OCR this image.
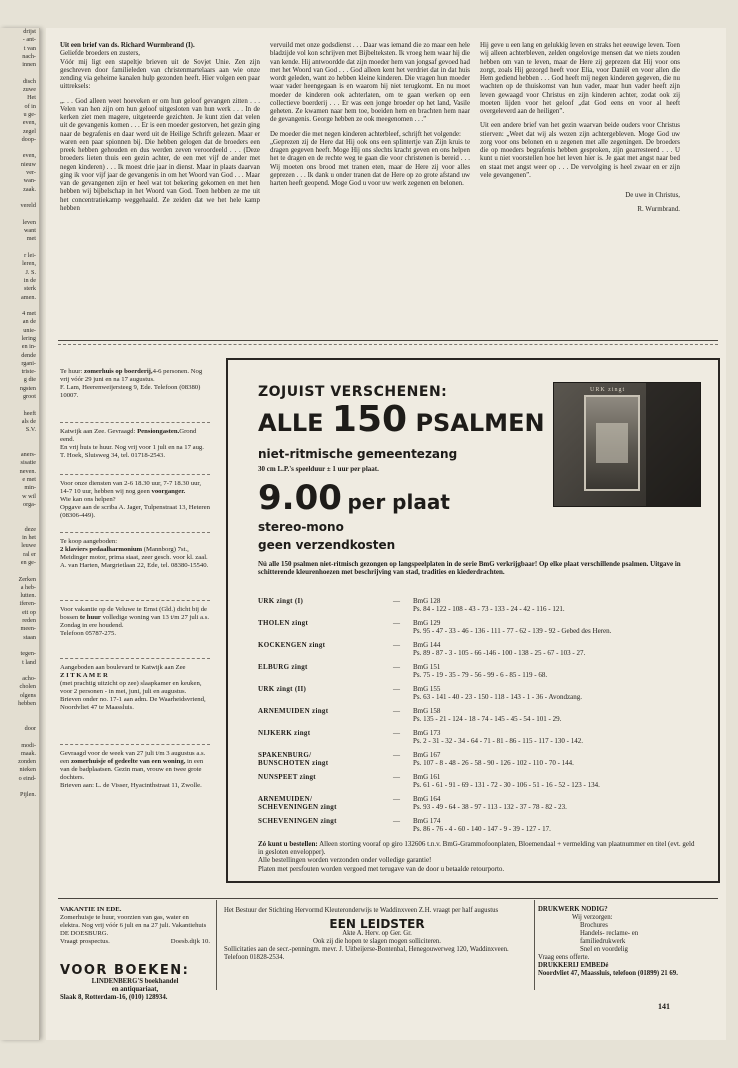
drijst

- ant-

t van

nach-

innen

disch

zuwe

Het

of in

u ge-

even,

zegel

doop-

even,

nieuw

ver-

wan-

zaak.

vereld

leven

want

met

r lei-

leren,

J. S.

in de

sterk

amen.

4 met

an de

unie-

lering

en in-

dende

rgani-

triste-

g die

ngsten

groot

heeft

als de

S.V.

aners-

sisatie

neven.

e met

min-

w wil

orga-

deze

in het

leuwe

ral er

en ge-

Zerken

a heb-

lutten.

iferen-

eit op

reden

meen-

staan

tegen-

t land

acho-

cholen

olgens

hebben

door

modi-

maak.

zonden

nieken

o eind-

Pijlen.

Uit een brief van ds. Richard Wurmbrand (I).

Geliefde broeders en zusters,
Vóór mij ligt een stapeltje brieven uit de Sovjet Unie. Zen zijn geschreven door familieleden van christenmartelaars aan wie onze zending via geheime kanalen hulp gezonden heeft. Hier volgen een paar uittreksels:

„. . . God alleen weet hoeveken er om hun geloof gevangen zitten . . . Velen van hen zijn om hun geloof uitgesloten van hun werk . . . In de kerken ziet men magere, uitgeteerde gezichten. Je kunt zien dat velen uit de gevangenis komen . . . Er is een moeder gestorven, het gezin ging naar de begrafenis en daar werd uit de Heilige Schrift gelezen. Maar er waren een paar spionnen bij. Die hebben gelogen dat de broeders een preek hebben gehouden en dus werden zeven veroordeeld . . . (Deze broeders lieten thuis een gezin achter, de een met vijf de ander met negen kinderen) . . . Ik moest drie jaar in dienst. Maar in plaats daarvan ging ik voor vijf jaar de gevangenis in om het Woord van God . . . Maar van de gevangenen zijn er heel wat tot bekering gekomen en met hen hebben wij bijbelschap in het Woord van God. Toen hebben ze me uit het concentratiekamp weggehaald. Ze zeiden dat we het hele kamp hebben

vervuild met onze godsdienst . . . Daar was iemand die zo maar een hele bladzijde vol kon schrijven met Bijbelteksten. Ik vroeg hem waar hij die van kende. Hij antwoordde dat zijn moeder hem van jongsaf gevoed had met het Woord van God . . . God alleen kent het verdriet dat in dat huis wordt geleden, want zo hebben kleine kinderen. Die vragen hun moeder waar vader heengegaan is en waarom hij niet terugkomt. En nu moet moeder de kinderen ook achterlaten, om te gaan werken op een collectieve boerderij . . . Er was een jonge broeder op het land, Vasile geheten. Ze kwamen naar hem toe, boeiden hem en brachten hem naar de gevangenis. George hebben ze ook meegenomen . . .”

De moeder die met negen kinderen achterbleef, schrijft het volgende:
„Geprezen zij de Here dat Hij ook ons een splintertje van Zijn kruis te dragen gegeven heeft. Moge Hij ons slechts kracht geven en ons helpen het te dragen en de rechte weg te gaan die voor christenen is bereid . . . Wij moeten ons brood met tranen eten, maar de Here zij voor alles geprezen . . . Ik dank u onder tranen dat de Here op zo grote afstand uw harten heeft geopend. Moge God u voor uw werk zegenen en belonen.

Hij geve u een lang en gelukkig leven en straks het eeuwige leven. Toen wij alleen achterbleven, zelden ongelovige mensen dat we niets zouden hebben om van te leven, maar de Here zij geprezen dat Hij voor ons zorgt, zoals Hij gezorgd heeft voor Elia, voor Daniël en voor allen die Hem gediend hebben . . . God heeft mij negen kinderen gegeven, die nu wachten op de thuiskomst van hun vader, maar hun vader heeft zijn leven gewaagd voor Christus en zijn kinderen achter, zodat ook zij moeten lijden voor het geloof „dat God eens en voor al heeft overgeleverd aan de heiligen”.

Uit een andere brief van het gezin waarvan beide ouders voor Christus stierven: „Weet dat wij als wezen zijn achtergebleven. Moge God uw zorg voor ons belonen en u zegenen met alle zegeningen. De broeders die op moeders begrafenis hebben gesproken, zijn gearresteerd . . . U kunt u niet voorstellen hoe het leven hier is. Je gaat met angst naar bed en staat met angst weer op . . . De vervolging is heel zwaar en er zijn vele gevangenen”.

De uwe in Christus,

R. Wurmbrand.

Te huur: zomerhuis op boerderij,4-6 personen. Nog vrij vóór 29 juni en na 17 augustus.
F. Lam, Heerenweijersteeg 9, Ede. Telefoon (08380) 10007.
Katwijk aan Zee. Gevraagd: Pensiongasten.Grond eend.
En vrij huis te huur. Nog vrij voor 1 juli en na 17 aug.
T. Hoek, Sluisweg 34, tel. 01718-2543.
Voor onze diensten van 2-6 18.30 uur, 7-7 18.30 uur, 14-7 10 uur, hebben wij nog geen voorganger.
Wie kan ons helpen?
Opgave aan de scriba A. Jager, Tulpenstraat 13, Heteren (08306-449).
Te koop aangeboden:
2 klaviers pedaalharmonium (Mannborg) 7st., Meidinger motor, prima staat, zeer gesch. voor kl. zaal.
A. van Harten, Margrietlaan 22, Ede, tel. 08380-15540.
Voor vakantie op de Veluwe te Ernst (Gld.) dicht bij de bossen te huur volledige woning van 13 t/m 27 juli a.s. Zondag in ere houdend.
Telefoon 05787-275.
Aangeboden aan boulevard te Katwijk aan Zee
Z I T K A M E R
(met prachtig uitzicht op zee) slaapkamer en keuken, voor 2 personen - in mei, juni, juli en augustus.
Brieven onder no. 17-1 aan adm. De Waarheidsvriend, Noordvliet 47 te Maassluis.
Gevraagd voor de week van 27 juli t/m 3 augustus a.s. een zomerhuisje of gedeelte van een woning, in een van de badplaatsen. Gezin man, vrouw en twee grote dochters.
Brieven aan: L. de Visser, Hyacinthstraat 11, Zwolle.
ZOJUIST VERSCHENEN:
ALLE 150 PSALMEN
niet-ritmische gemeentezang
30 cm L.P.'s speelduur ± 1 uur per plaat.
9.00 per plaat
stereo-mono
geen verzendkosten
URK zingt
Nú alle 150 psalmen niet-ritmisch gezongen op langspeelplaten in de serie BmG verkrijgbaar! Op elke plaat verschillende psalmen. Uitgave in schitterende kleurenhoezen met beschrijving van stad, tradities en kiederdrachten.
URK zingt (I)	— BmG 128
Ps. 84 - 122 - 108 - 43 - 73 - 133 - 24 - 42 - 116 - 121.
THOLEN zingt	— BmG 129
Ps. 95 - 47 - 33 - 46 - 136 - 111 - 77 - 62 - 139 - 92 - Gebed des Heren.
KOCKENGEN zingt	— BmG 144
Ps. 89 - 87 - 3 - 105 - 66 -146 - 100 - 138 - 25 - 67 - 103 - 27.
ELBURG zingt	— BmG 151
Ps. 75 - 19 - 35 - 79 - 56 - 99 - 6 - 85 - 119 - 68.
URK zingt (II)	— BmG 155
Ps. 63 - 141 - 40 - 23 - 150 - 118 - 143 - 1 - 36 - Avondzang.
ARNEMUIDEN zingt	— BmG 158
Ps. 135 - 21 - 124 - 18 - 74 - 145 - 45 - 54 - 101 - 29.
NIJKERK zingt	— BmG 173
Ps. 2 - 31 - 32 - 34 - 64 - 71 - 81 - 86 - 115 - 117 - 130 - 142.
SPAKENBURG/
BUNSCHOTEN zingt
— BmG 167
Ps. 107 - 8 - 48 - 26 - 58 - 90 - 126 - 102 - 110 - 70 - 144.
NUNSPEET zingt	— BmG 161
Ps. 61 - 61 - 91 - 69 - 131 - 72 - 30 - 106 - 51 - 16 - 52 - 123 - 134.
ARNEMUIDEN/
SCHEVENINGEN zingt
— BmG 164
Ps. 93 - 49 - 64 - 38 - 97 - 113 - 132 - 37 - 78 - 82 - 23.
SCHEVENINGEN zingt	— BmG 174
Ps. 86 - 76 - 4 - 60 - 140 - 147 - 9 - 39 - 127 - 17.
Zó kunt u bestellen: Alleen storting vooraf op giro 132606 t.n.v. BmG-Grammofoonplaten, Bloemendaal + vermelding van plaatnummer en titel (evt. geld in gesloten envelopper).
Alle bestellingen worden verzonden onder volledige garantie!
Platen met persfouten worden vergoed met terugave van de door u betaalde retourporto.

VAKANTIE IN EDE.

Zomerhuisje te huur, voorzien van gas, water en elektra. Nog vrij vóór 6 juli en na 27 juli. Vakantiehuis DE DOESBURG.
Vraagt prospectus.	Doesb.dijk 10.

VOOR BOEKEN:
LINDENBERG'S boekhandel
en antiquariaat,
Slaak 8, Rotterdam-16, (010) 128934.

Het Bestuur der Stichting Hervormd Kleuteronderwijs te Waddinxveen Z.H. vraagt per half augustus

EEN LEIDSTER

Akte A. Herv. op Ger. Gr.

Ook zij die hopen te slagen mogen solliciteren.

Sollicitaties aan de secr.-penningm. mevr. J. Uitbeijerse-Bontenbal, Henegouwerweg 120, Waddinxveen. Telefoon 01828-2534.

DRUKWERK NODIG?

Wij verzorgen:

Brochures

Handels- reclame- en

familiedrukwerk

Snel en voordelig

Vraag eens offerte.

DRUKKERIJ EMBEDé

Noordvliet 47, Maassluis, telefoon (01899) 21 69.

141
